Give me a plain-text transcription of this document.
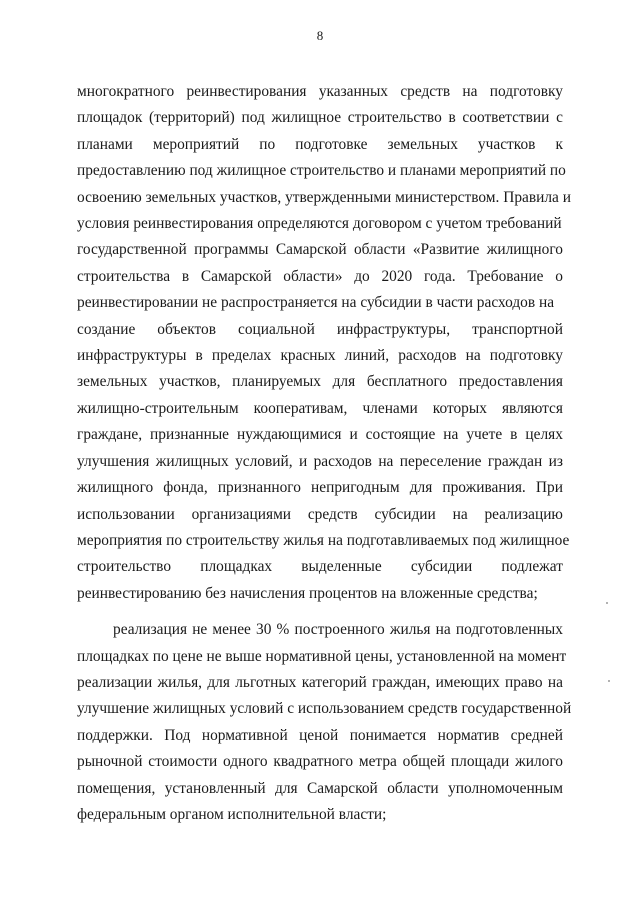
8
многократного реинвестирования указанных средств на подготовку
площадок (территорий) под жилищное строительство в соответствии с
планами мероприятий по подготовке земельных участков к
предоставлению под жилищное строительство и планами мероприятий по
освоению земельных участков, утвержденными министерством. Правила и
условия реинвестирования определяются договором с учетом требований
государственной программы Самарской области «Развитие жилищного
строительства в Самарской области» до 2020 года. Требование о
реинвестировании не распространяется на субсидии в части расходов на
создание объектов социальной инфраструктуры, транспортной
инфраструктуры в пределах красных линий, расходов на подготовку
земельных участков, планируемых для бесплатного предоставления
жилищно-строительным кооперативам, членами которых являются
граждане, признанные нуждающимися и состоящие на учете в целях
улучшения жилищных условий, и расходов на переселение граждан из
жилищного фонда, признанного непригодным для проживания. При
использовании организациями средств субсидии на реализацию
мероприятия по строительству жилья на подготавливаемых под жилищное
строительство площадках выделенные субсидии подлежат
реинвестированию без начисления процентов на вложенные средства;
реализация не менее 30 % построенного жилья на подготовленных
площадках по цене не выше нормативной цены, установленной на момент
реализации жилья, для льготных категорий граждан, имеющих право на
улучшение жилищных условий с использованием средств государственной
поддержки. Под нормативной ценой понимается норматив средней
рыночной стоимости одного квадратного метра общей площади жилого
помещения, установленный для Самарской области уполномоченным
федеральным органом исполнительной власти;
